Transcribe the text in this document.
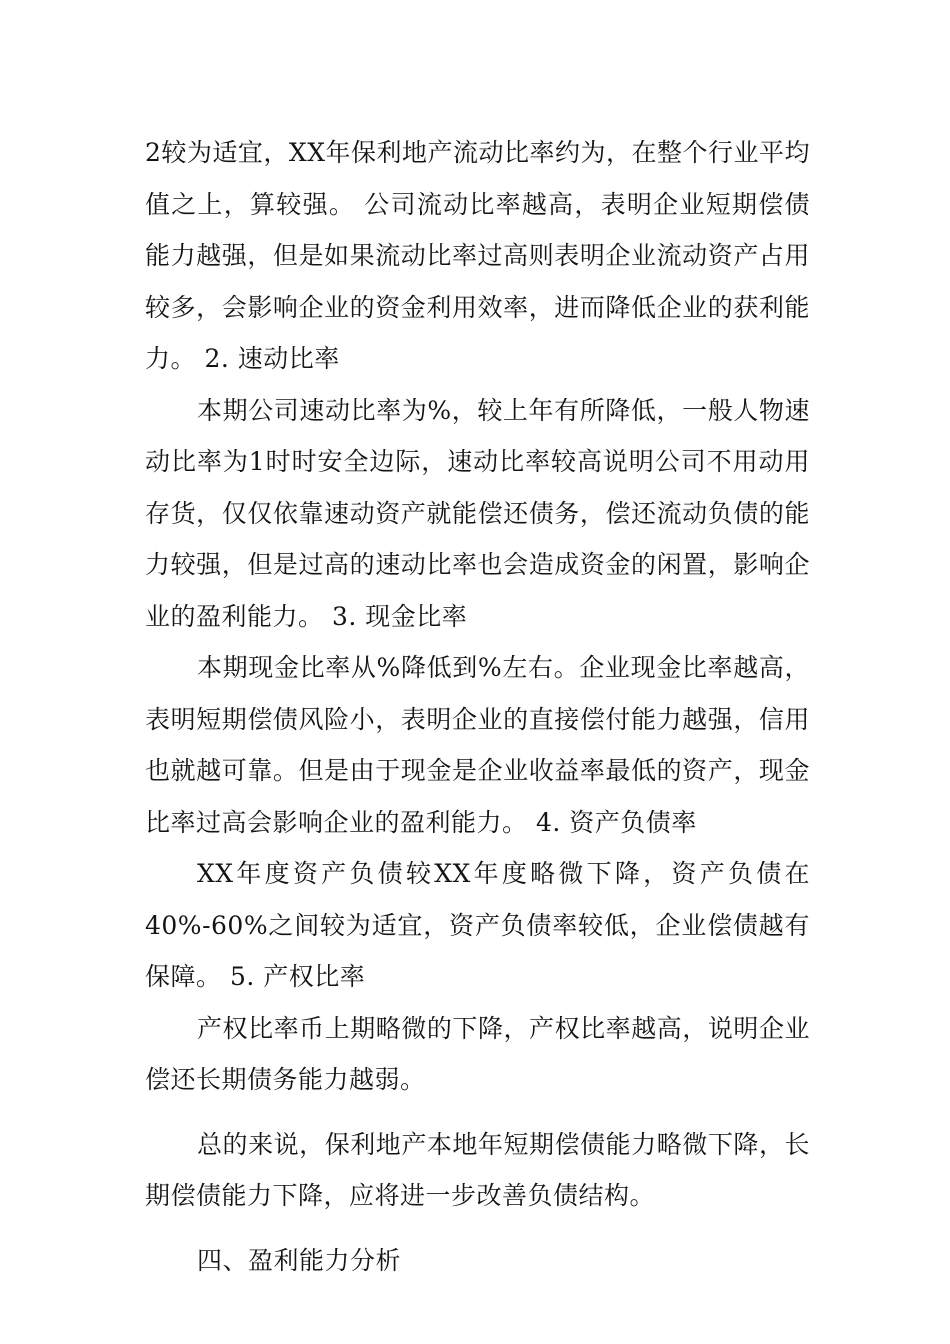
2较为适宜，XX年保利地产流动比率约为，在整个行业平均值之上，算较强。 公司流动比率越高，表明企业短期偿债能力越强，但是如果流动比率过高则表明企业流动资产占用较多，会影响企业的资金利用效率，进而降低企业的获利能力。 2. 速动比率

本期公司速动比率为%，较上年有所降低，一般人物速动比率为1时时安全边际，速动比率较高说明公司不用动用存货，仅仅依靠速动资产就能偿还债务，偿还流动负债的能力较强，但是过高的速动比率也会造成资金的闲置，影响企业的盈利能力。 3. 现金比率

本期现金比率从%降低到%左右。企业现金比率越高，表明短期偿债风险小，表明企业的直接偿付能力越强，信用也就越可靠。但是由于现金是企业收益率最低的资产，现金比率过高会影响企业的盈利能力。 4. 资产负债率

XX年度资产负债较XX年度略微下降，资产负债在40%-60%之间较为适宜，资产负债率较低，企业偿债越有保障。 5. 产权比率

产权比率币上期略微的下降，产权比率越高，说明企业偿还长期债务能力越弱。

总的来说，保利地产本地年短期偿债能力略微下降，长期偿债能力下降，应将进一步改善负债结构。

四、盈利能力分析
